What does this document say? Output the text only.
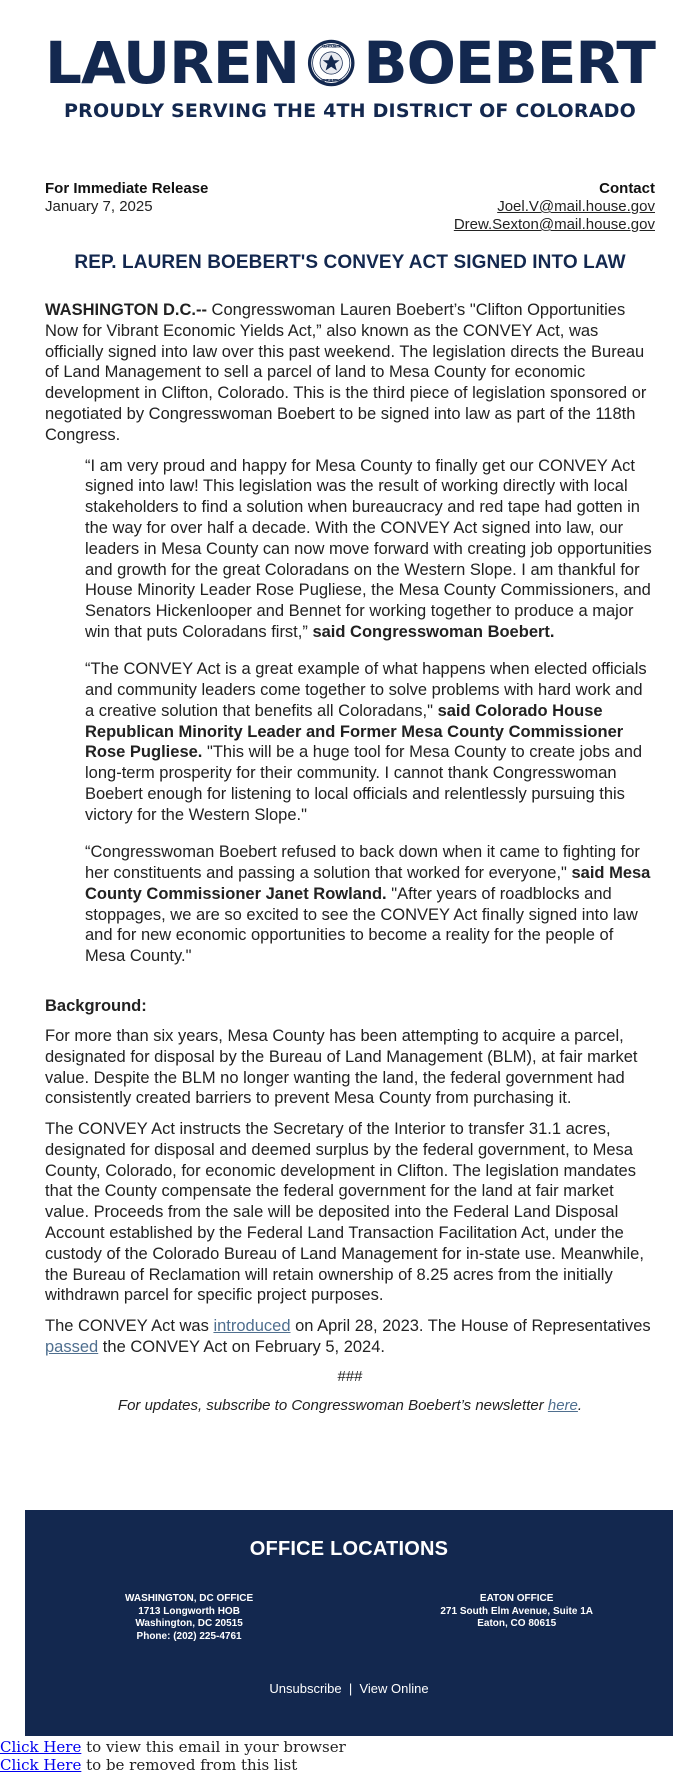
LAUREN	US HOUSE OF
REPRESENTATIVES BOEBERT
PROUDLY SERVING THE 4TH DISTRICT OF COLORADO
For Immediate Release
January 7, 2025
Contact
Joel.V@mail.house.gov
Drew.Sexton@mail.house.gov
REP. LAUREN BOEBERT'S CONVEY ACT SIGNED INTO LAW

WASHINGTON D.C.-- Congresswoman Lauren Boebert’s "Clifton Opportunities Now for Vibrant Economic Yields Act,” also known as the CONVEY Act, was officially signed into law over this past weekend. The legislation directs the Bureau of Land Management to sell a parcel of land to Mesa County for economic development in Clifton, Colorado. This is the third piece of legislation sponsored or negotiated by Congresswoman Boebert to be signed into law as part of the 118th Congress.

“I am very proud and happy for Mesa County to finally get our CONVEY Act signed into law! This legislation was the result of working directly with local stakeholders to find a solution when bureaucracy and red tape had gotten in the way for over half a decade. With the CONVEY Act signed into law, our leaders in Mesa County can now move forward with creating job opportunities and growth for the great Coloradans on the Western Slope. I am thankful for House Minority Leader Rose Pugliese, the Mesa County Commissioners, and Senators Hickenlooper and Bennet for working together to produce a major win that puts Coloradans first,” said Congresswoman Boebert.

“The CONVEY Act is a great example of what happens when elected officials and community leaders come together to solve problems with hard work and a creative solution that benefits all Coloradans," said Colorado House Republican Minority Leader and Former Mesa County Commissioner Rose Pugliese. "This will be a huge tool for Mesa County to create jobs and long-term prosperity for their community. I cannot thank Congresswoman Boebert enough for listening to local officials and relentlessly pursuing this victory for the Western Slope."

“Congresswoman Boebert refused to back down when it came to fighting for her constituents and passing a solution that worked for everyone," said Mesa County Commissioner Janet Rowland. "After years of roadblocks and stoppages, we are so excited to see the CONVEY Act finally signed into law and for new economic opportunities to become a reality for the people of Mesa County."

Background:

For more than six years, Mesa County has been attempting to acquire a parcel, designated for disposal by the Bureau of Land Management (BLM), at fair market value. Despite the BLM no longer wanting the land, the federal government had consistently created barriers to prevent Mesa County from purchasing it.

The CONVEY Act instructs the Secretary of the Interior to transfer 31.1 acres, designated for disposal and deemed surplus by the federal government, to Mesa County, Colorado, for economic development in Clifton. The legislation mandates that the County compensate the federal government for the land at fair market value. Proceeds from the sale will be deposited into the Federal Land Disposal Account established by the Federal Land Transaction Facilitation Act, under the custody of the Colorado Bureau of Land Management for in-state use. Meanwhile, the Bureau of Reclamation will retain ownership of 8.25 acres from the initially withdrawn parcel for specific project purposes.

The CONVEY Act was introduced on April 28, 2023. The House of Representatives passed the CONVEY Act on February 5, 2024.

###
For updates, subscribe to Congresswoman Boebert’s newsletter here.
OFFICE LOCATIONS
WASHINGTON, DC OFFICE
1713 Longworth HOB
Washington, DC 20515
Phone: (202) 225-4761
EATON OFFICE
271 South Elm Avenue, Suite 1A
Eaton, CO 80615
Unsubscribe | View Online
Click Here to view this email in your browser
Click Here to be removed from this list
